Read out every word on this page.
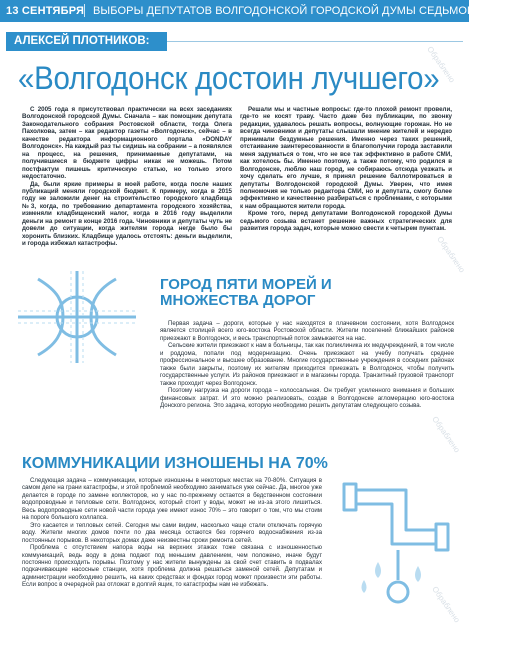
13 СЕНТЯБРЯ ВЫБОРЫ ДЕПУТАТОВ ВОЛГОДОНСКОЙ ГОРОДСКОЙ ДУМЫ СЕДЬМОГО СОЗЫВА
АЛЕКСЕЙ ПЛОТНИКОВ:
«Волгодонск достоин лучшего»

С 2005 года я присутствовал практически на всех заседаниях Волгодонской городской Думы. Сначала – как помощник депутата Законодательного собрания Ростовской области, тогда Олега Пахолкова, затем – как редактор газеты «Волгодонск», сейчас – в качестве редактора информационного портала «DONDAY Волгодонск». На каждый раз ты сидишь на собрании – а появлялся на процесс, на решения, принимаемые депутатами, на получившиеся в бюджете цифры никак не можешь. Потом постфактум пишешь критическую статью, но только этого недостаточно.

Да, были яркие примеры в моей работе, когда после наших публикаций меняли городской бюджет. К примеру, когда в 2015 году не заложили денег на строительство городского кладбища №3, когда, по требованию департамента городского хозяйства, изменяли кладбищенский налог, когда в 2016 году выделили деньги на ремонт в конце 2016 года. Чиновники и депутаты чуть не довели до ситуации, когда жителям города негде было бы хоронить близких. Кладбище удалось отстоять: деньги выделили, и города избежал катастрофы.

Решали мы и частные вопросы: где-то плохой ремонт провели, где-то не косят траву. Часто даже без публикации, по звонку редакции, удавалось решать вопросы, волнующие горожан. Но не всегда чиновники и депутаты слышали мнение жителей и нередко принимали бездумные решения. Именно через таких решений, отстаивание заинтересованности в благополучии города заставили меня задуматься о том, что не все так эффективно в работе СМИ, как хотелось бы. Именно поэтому, а также потому, что родился в Волгодонске, люблю наш город, не собираюсь отсюда уезжать и хочу сделать его лучше, я принял решение баллотироваться в депутаты Волгодонской городской Думы. Уверен, что имея полномочия не только редактора СМИ, но и депутата, смогу более эффективно и качественно разбираться с проблемами, с которыми к нам обращаются жители города.

Кроме того, перед депутатами Волгодонской городской Думы седьмого созыва встанет решение важных стратегических для развития города задач, которые можно свести к четырем пунктам.

ГОРОД ПЯТИ МОРЕЙ И МНОЖЕСТВА ДОРОГ

Первая задача – дороги, которые у нас находятся в плачевном состоянии, хотя Волгодонск является столицей всего юго-востока Ростовской области. Жители поселений ближайших районов приезжают в Волгодонск, и весь транспортный поток замыкается на нас.

Сельские жители приезжают к нам в больницы, так как поликлиника их медучреждений, в том числе и роддома, попали под модернизацию. Очень приезжают на учебу получать среднее профессиональное и высшее образование. Многие государственные учреждения в соседних районах также были закрыты, поэтому их жителям приходится приезжать в Волгодонск, чтобы получить государственные услуги. Из районов приезжают и в магазины города. Транзитный грузовой транспорт также проходит через Волгодонск.

Поэтому нагрузка на дороги города – колоссальная. Он требует усиленного внимания и больших финансовых затрат. И это можно реализовать, создав в Волгодонске агломерацию юго-востока Донского региона. Это задача, которую необходимо решить депутатам следующего созыва.

КОММУНИКАЦИИ ИЗНОШЕНЫ НА 70%

Следующая задача – коммуникации, которые изношены в некоторых местах на 70-80%. Ситуация в самом деле на грани катастрофы, и этой проблемой необходимо заниматься уже сейчас. Да, многое уже делается в городе по замене коллекторов, но у нас по-прежнему остается в бедственном состоянии водопроводные и тепловые сети. Волгодонск, который стоит у воды, может не из-за этого лишиться. Весь водопроводные сети новой части города уже имеют износ 70% – это говорит о том, что мы стоим на пороге большого коллапса.

Это касается и тепловых сетей. Сегодня мы сами видим, насколько чаще стали отключать горячую воду. Жители многих домов почти по два месяца остаются без горячего водоснабжения из-за постоянных порывов. В некоторых домах даже неизвестны сроки ремонта сетей.

Проблема с отсутствием напора воды на верхних этажах тоже связана с изношенностью коммуникаций, ведь воду в дома подают под меньшим давлением, чем положено, иначе будут постоянно происходить порывы. Поэтому у нас жители вынуждены за свой счет ставить в подвалах подкачивающие насосные станции, хотя проблема должна решаться заменой сетей. Депутатам и администрации необходимо решить, на каких средствах и фондах город может произвести эти работы. Если вопрос в очередной раз отложат в долгий ящик, то катастрофы нам не избежать.

Обраблено
Обраблено
Обраблено
Обраблено
